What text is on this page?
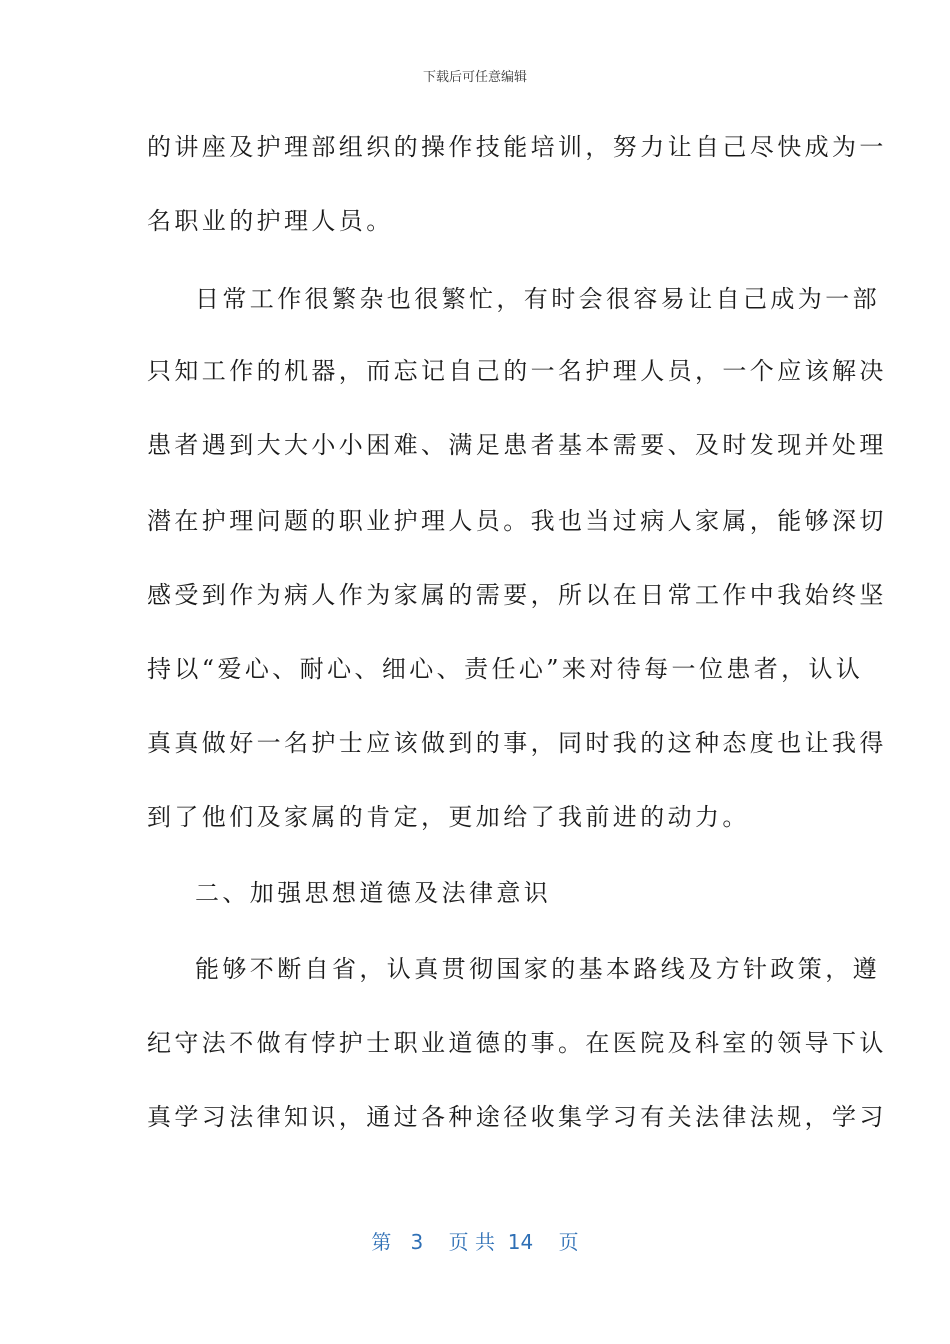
下载后可任意编辑
的讲座及护理部组织的操作技能培训，努力让自己尽快成为一
名职业的护理人员。
日常工作很繁杂也很繁忙，有时会很容易让自己成为一部
只知工作的机器，而忘记自己的一名护理人员，一个应该解决
患者遇到大大小小困难、满足患者基本需要、及时发现并处理
潜在护理问题的职业护理人员。我也当过病人家属，能够深切
感受到作为病人作为家属的需要，所以在日常工作中我始终坚
持以“爱心、耐心、细心、责任心”来对待每一位患者，认认
真真做好一名护士应该做到的事，同时我的这种态度也让我得
到了他们及家属的肯定，更加给了我前进的动力。
二、加强思想道德及法律意识
能够不断自省，认真贯彻国家的基本路线及方针政策，遵
纪守法不做有悖护士职业道德的事。在医院及科室的领导下认
真学习法律知识，通过各种途径收集学习有关法律法规，学习
第 3 页 共 14 页
